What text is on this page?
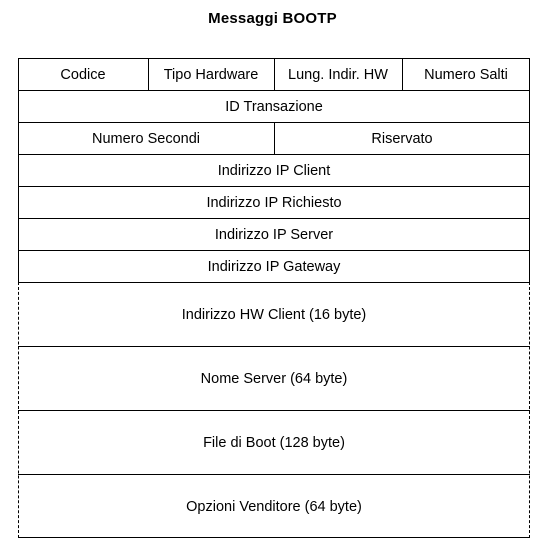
Messaggi BOOTP
Codice	Tipo Hardware	Lung. Indir. HW	Numero Salti
ID Transazione
Numero Secondi	Riservato
Indirizzo IP Client
Indirizzo IP Richiesto
Indirizzo IP Server
Indirizzo IP Gateway
Indirizzo HW Client (16 byte)
Nome Server (64 byte)
File di Boot (128 byte)
Opzioni Venditore (64 byte)
